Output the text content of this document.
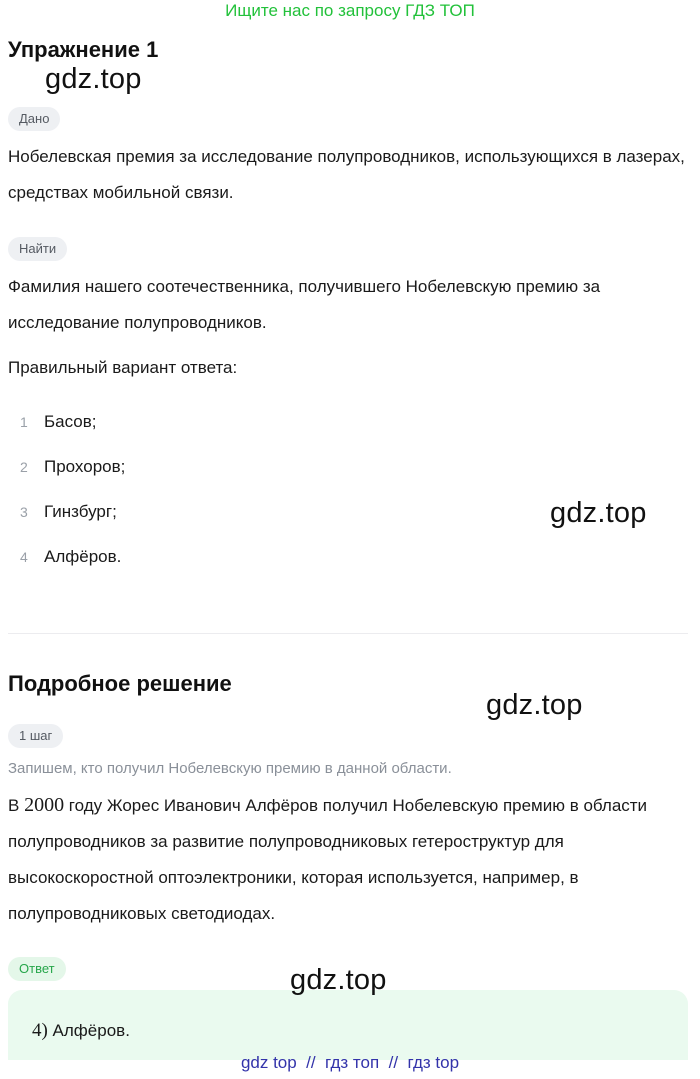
Ищите нас по запросу ГДЗ ТОП
Упражнение 1
gdz.top
Дано
Нобелевская премия за исследование полупроводников, использующихся в лазерах, средствах мобильной связи.
Найти
Фамилия нашего соотечественника, получившего Нобелевскую премию за исследование полупроводников.
Правильный вариант ответа:
1 Басов;
2 Прохоров;
3 Гинзбург;
4 Алфёров.
gdz.top
Подробное решение
gdz.top
1 шаг
Запишем, кто получил Нобелевскую премию в данной области.
В 2000 году Жорес Иванович Алфёров получил Нобелевскую премию в области полупроводников за развитие полупроводниковых гетероструктур для высокоскоростной оптоэлектроники, которая используется, например, в полупроводниковых светодиодах.
Ответ	gdz.top
4) Алфёров.
gdz top  //  гдз топ  //  гдз top
